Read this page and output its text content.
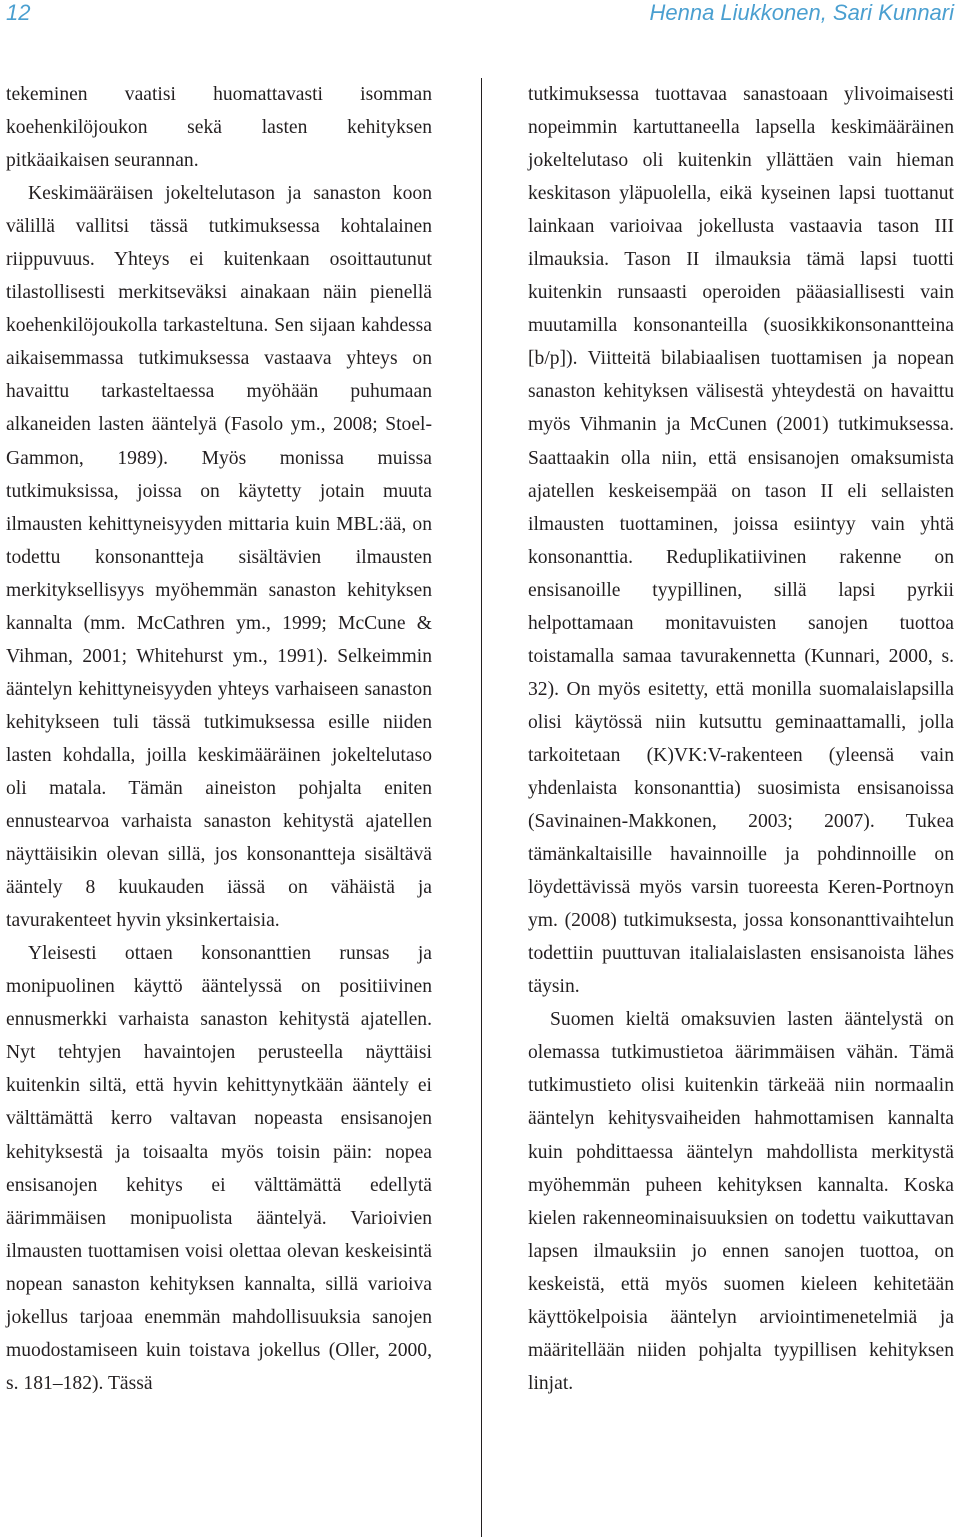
12	Henna Liukkonen, Sari Kunnari

tekeminen vaatisi huomattavasti isomman koehenkilöjoukon sekä lasten kehityksen pitkäaikaisen seurannan.

Keskimääräisen jokeltelutason ja sanaston koon välillä vallitsi tässä tutkimuksessa kohtalainen riippuvuus. Yhteys ei kuitenkaan osoittautunut tilastollisesti merkitseväksi ainakaan näin pienellä koehenkilöjoukolla tarkasteltuna. Sen sijaan kahdessa aikaisemmassa tutkimuksessa vastaava yhteys on havaittu tarkasteltaessa myöhään puhumaan alkaneiden lasten ääntelyä (Fasolo ym., 2008; Stoel-Gammon, 1989). Myös monissa muissa tutkimuksissa, joissa on käytetty jotain muuta ilmausten kehittyneisyyden mittaria kuin MBL:ää, on todettu konsonantteja sisältävien ilmausten merkityksellisyys myöhemmän sanaston kehityksen kannalta (mm. McCathren ym., 1999; McCune & Vihman, 2001; Whitehurst ym., 1991). Selkeimmin ääntelyn kehittyneisyyden yhteys varhaiseen sanaston kehitykseen tuli tässä tutkimuksessa esille niiden lasten kohdalla, joilla keskimääräinen jokeltelutaso oli matala. Tämän aineiston pohjalta eniten ennustearvoa varhaista sanaston kehitystä ajatellen näyttäisikin olevan sillä, jos konsonantteja sisältävä ääntely 8 kuukauden iässä on vähäistä ja tavurakenteet hyvin yksinkertaisia.

Yleisesti ottaen konsonanttien runsas ja monipuolinen käyttö ääntelyssä on positiivinen ennusmerkki varhaista sanaston kehitystä ajatellen. Nyt tehtyjen havaintojen perusteella näyttäisi kuitenkin siltä, että hyvin kehittynytkään ääntely ei välttämättä kerro valtavan nopeasta ensisanojen kehityksestä ja toisaalta myös toisin päin: nopea ensisanojen kehitys ei välttämättä edellytä äärimmäisen monipuolista ääntelyä. Varioivien ilmausten tuottamisen voisi olettaa olevan keskeisintä nopean sanaston kehityksen kannalta, sillä varioiva jokellus tarjoaa enemmän mahdollisuuksia sanojen muodostamiseen kuin toistava jokellus (Oller, 2000, s. 181–182). Tässä

tutkimuksessa tuottavaa sanastoaan ylivoimaisesti nopeimmin kartuttaneella lapsella keskimääräinen jokeltelutaso oli kuitenkin yllättäen vain hieman keskitason yläpuolella, eikä kyseinen lapsi tuottanut lainkaan varioivaa jokellusta vastaavia tason III ilmauksia. Tason II ilmauksia tämä lapsi tuotti kuitenkin runsaasti operoiden pääasiallisesti vain muutamilla konsonanteilla (suosikkikonsonantteina [b/p]). Viitteitä bilabiaalisen tuottamisen ja nopean sanaston kehityksen välisestä yhteydestä on havaittu myös Vihmanin ja McCunen (2001) tutkimuksessa. Saattaakin olla niin, että ensisanojen omaksumista ajatellen keskeisempää on tason II eli sellaisten ilmausten tuottaminen, joissa esiintyy vain yhtä konsonanttia. Reduplikatiivinen rakenne on ensisanoille tyypillinen, sillä lapsi pyrkii helpottamaan monitavuisten sanojen tuottoa toistamalla samaa tavurakennetta (Kunnari, 2000, s. 32). On myös esitetty, että monilla suomalaislapsilla olisi käytössä niin kutsuttu geminaattamalli, jolla tarkoitetaan (K)VK:V-rakenteen (yleensä vain yhdenlaista konsonanttia) suosimista ensisanoissa (Savinainen-Makkonen, 2003; 2007). Tukea tämänkaltaisille havainnoille ja pohdinnoille on löydettävissä myös varsin tuoreesta Keren-Portnoyn ym. (2008) tutkimuksesta, jossa konsonanttivaihtelun todettiin puuttuvan italialaislasten ensisanoista lähes täysin.

Suomen kieltä omaksuvien lasten ääntelystä on olemassa tutkimustietoa äärimmäisen vähän. Tämä tutkimustieto olisi kuitenkin tärkeää niin normaalin ääntelyn kehitysvaiheiden hahmottamisen kannalta kuin pohdittaessa ääntelyn mahdollista merkitystä myöhemmän puheen kehityksen kannalta. Koska kielen rakenneominaisuuksien on todettu vaikuttavan lapsen ilmauksiin jo ennen sanojen tuottoa, on keskeistä, että myös suomen kieleen kehitetään käyttökelpoisia ääntelyn arviointimenetelmiä ja määritellään niiden pohjalta tyypillisen kehityksen linjat.
